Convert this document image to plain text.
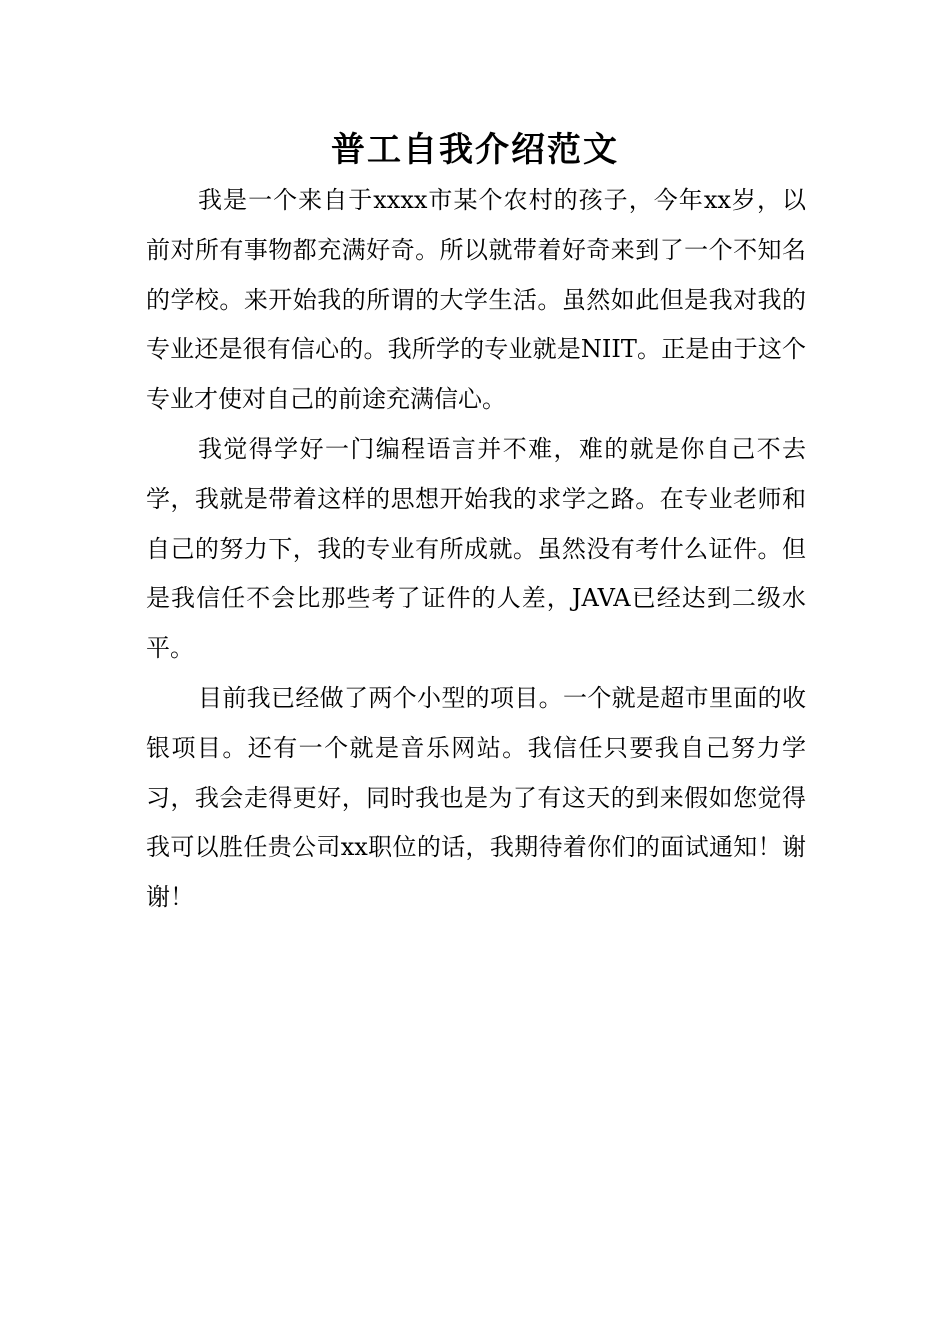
普工自我介绍范文

我是一个来自于xxxx市某个农村的孩子，今年xx岁，以前对所有事物都充满好奇。所以就带着好奇来到了一个不知名的学校。来开始我的所谓的大学生活。虽然如此但是我对我的专业还是很有信心的。我所学的专业就是NIIT。正是由于这个专业才使对自己的前途充满信心。

我觉得学好一门编程语言并不难，难的就是你自己不去学，我就是带着这样的思想开始我的求学之路。在专业老师和自己的努力下，我的专业有所成就。虽然没有考什么证件。但是我信任不会比那些考了证件的人差，JAVA已经达到二级水平。

目前我已经做了两个小型的项目。一个就是超市里面的收银项目。还有一个就是音乐网站。我信任只要我自己努力学习，我会走得更好，同时我也是为了有这天的到来假如您觉得我可以胜任贵公司xx职位的话，我期待着你们的面试通知！谢谢！
